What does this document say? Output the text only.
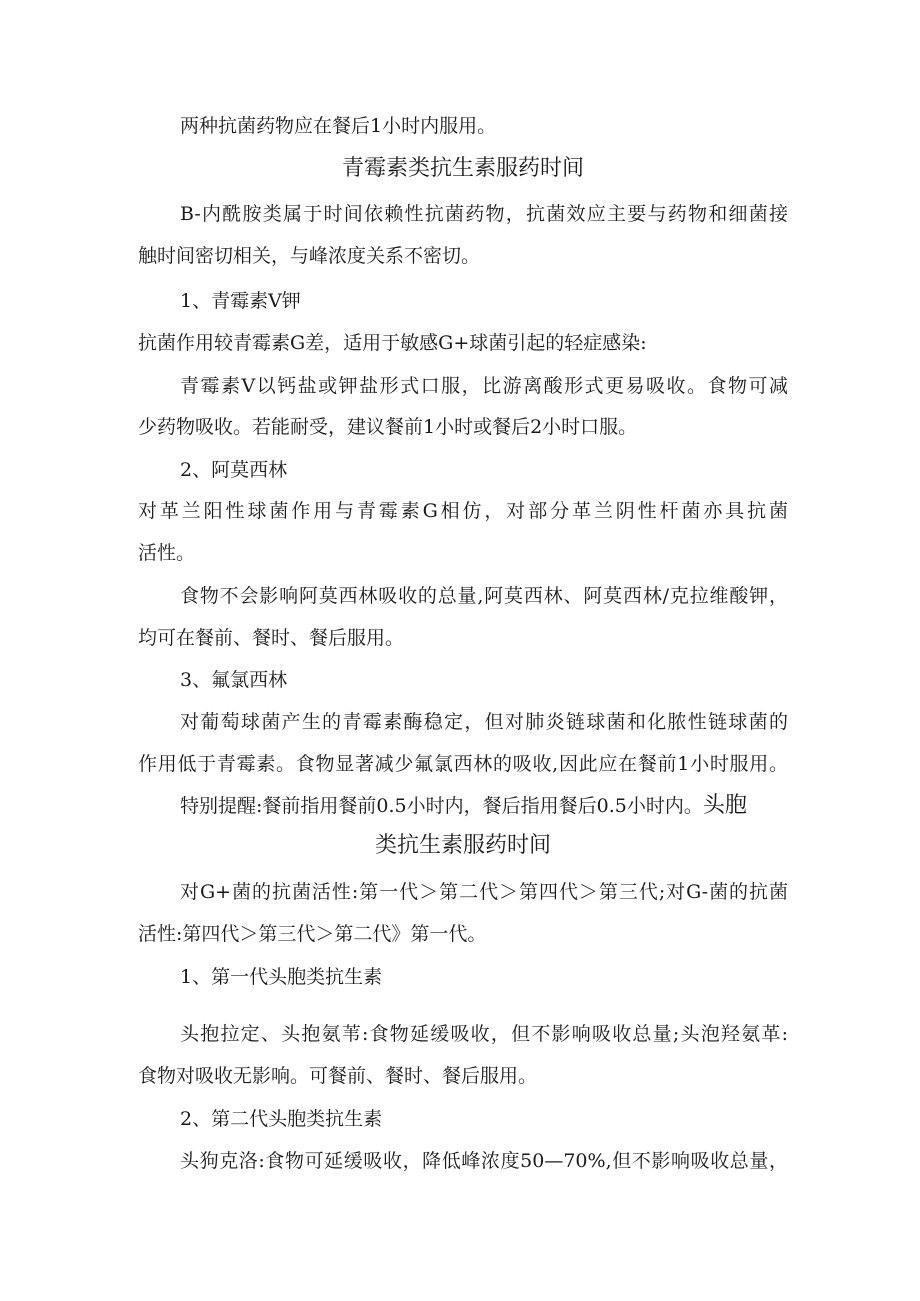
两种抗菌药物应在餐后1小时内服用。
青霉素类抗生素服药时间
B-内酰胺类属于时间依赖性抗菌药物，抗菌效应主要与药物和细菌接
触时间密切相关，与峰浓度关系不密切。
1、青霉素V钾
抗菌作用较青霉素G差，适用于敏感G+球菌引起的轻症感染:
青霉素V以钙盐或钾盐形式口服，比游离酸形式更易吸收。食物可减
少药物吸收。若能耐受，建议餐前1小时或餐后2小时口服。
2、阿莫西林
对革兰阳性球菌作用与青霉素G相仿，对部分革兰阴性杆菌亦具抗菌
活性。
食物不会影响阿莫西林吸收的总量,阿莫西林、阿莫西林/克拉维酸钾，
均可在餐前、餐时、餐后服用。
3、氟氯西林
对葡萄球菌产生的青霉素酶稳定，但对肺炎链球菌和化脓性链球菌的
作用低于青霉素。食物显著减少氟氯西林的吸收,因此应在餐前1小时服用。
特别提醒:餐前指用餐前0.5小时内，餐后指用餐后0.5小时内。头胞
类抗生素服药时间
对G+菌的抗菌活性:第一代＞第二代＞第四代＞第三代;对G-菌的抗菌
活性:第四代＞第三代＞第二代》第一代。
1、第一代头胞类抗生素
头抱拉定、头抱氨苇:食物延缓吸收，但不影响吸收总量;头泡羟氨革:
食物对吸收无影响。可餐前、餐时、餐后服用。
2、第二代头胞类抗生素
头狗克洛:食物可延缓吸收，降低峰浓度50—70%,但不影响吸收总量，
